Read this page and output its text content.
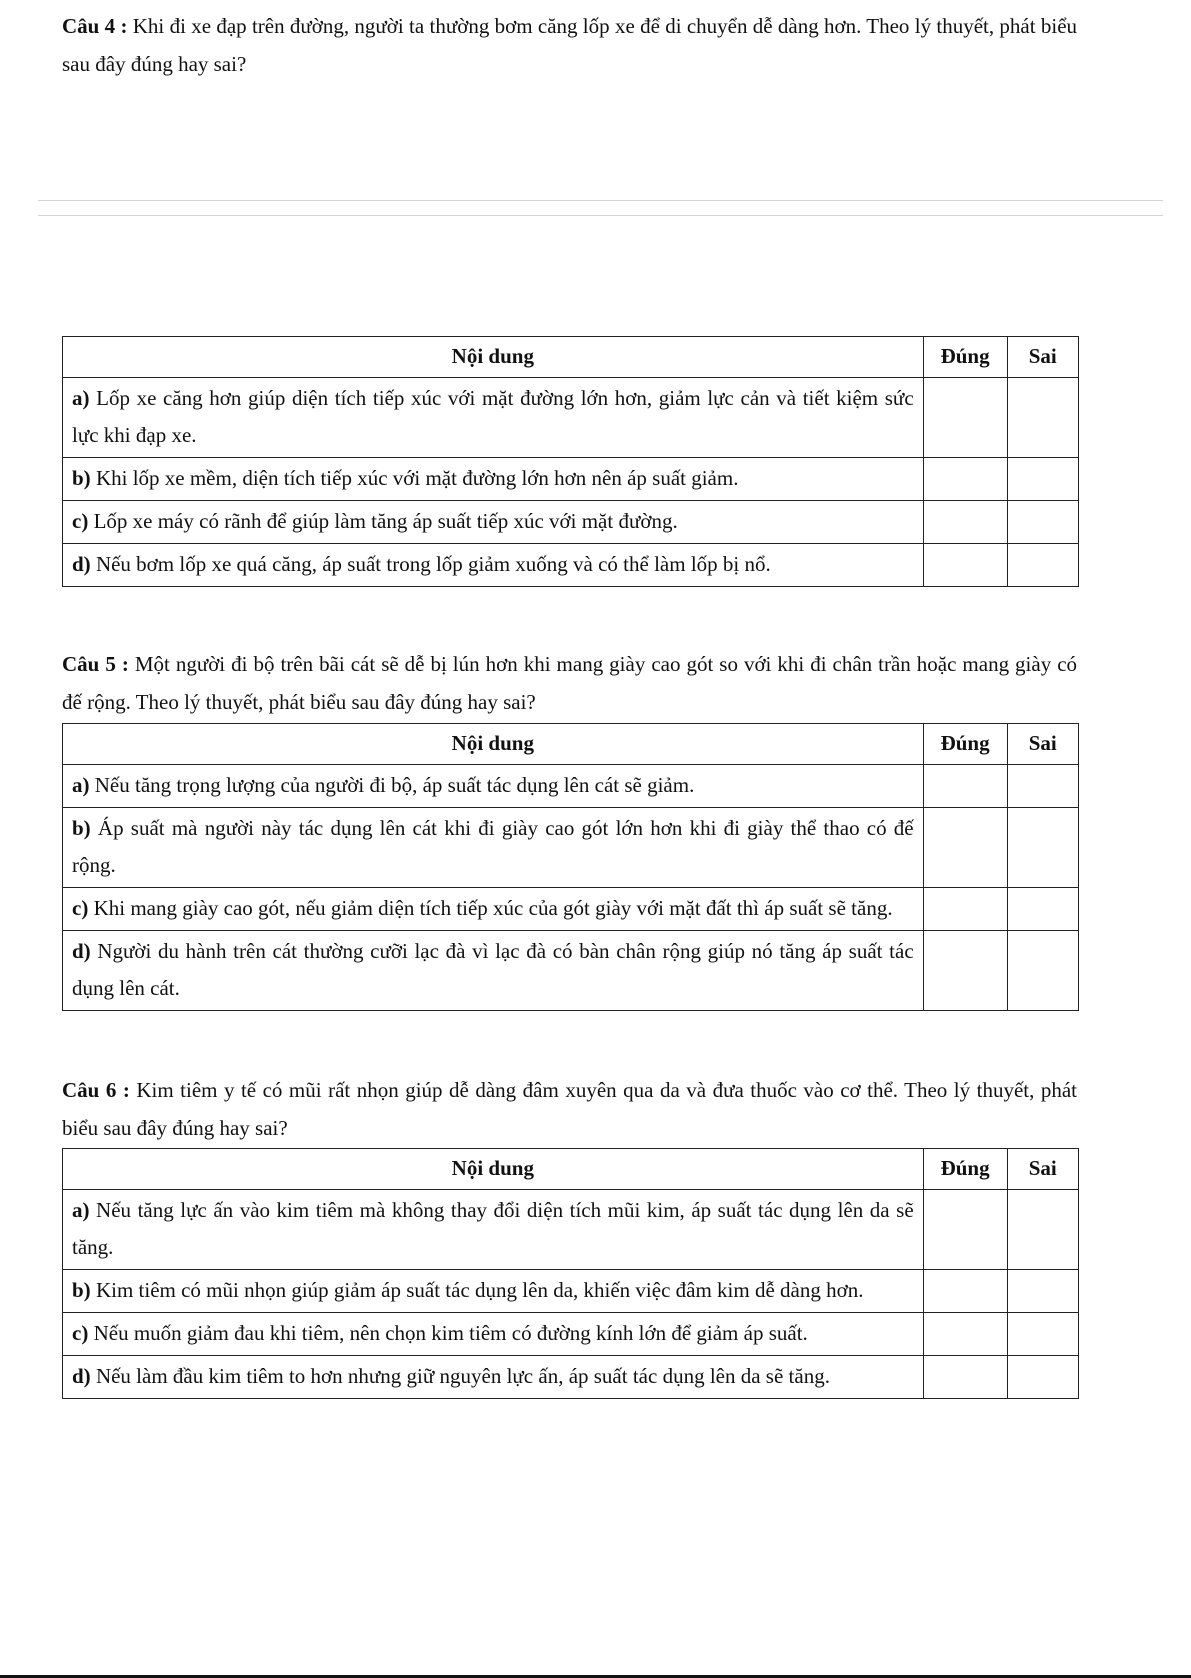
Câu 4 : Khi đi xe đạp trên đường, người ta thường bơm căng lốp xe để di chuyển dễ dàng hơn. Theo lý thuyết, phát biểu sau đây đúng hay sai?
Nội dung	Đúng	Sai
a) Lốp xe căng hơn giúp diện tích tiếp xúc với mặt đường lớn hơn, giảm lực cản và tiết kiệm sức lực khi đạp xe.		
b) Khi lốp xe mềm, diện tích tiếp xúc với mặt đường lớn hơn nên áp suất giảm.		
c) Lốp xe máy có rãnh để giúp làm tăng áp suất tiếp xúc với mặt đường.		
d) Nếu bơm lốp xe quá căng, áp suất trong lốp giảm xuống và có thể làm lốp bị nổ.		
Câu 5 : Một người đi bộ trên bãi cát sẽ dễ bị lún hơn khi mang giày cao gót so với khi đi chân trần hoặc mang giày có đế rộng. Theo lý thuyết, phát biểu sau đây đúng hay sai?
Nội dung	Đúng	Sai
a) Nếu tăng trọng lượng của người đi bộ, áp suất tác dụng lên cát sẽ giảm.		
b) Áp suất mà người này tác dụng lên cát khi đi giày cao gót lớn hơn khi đi giày thể thao có đế rộng.		
c) Khi mang giày cao gót, nếu giảm diện tích tiếp xúc của gót giày với mặt đất thì áp suất sẽ tăng.		
d) Người du hành trên cát thường cưỡi lạc đà vì lạc đà có bàn chân rộng giúp nó tăng áp suất tác dụng lên cát.		
Câu 6 : Kim tiêm y tế có mũi rất nhọn giúp dễ dàng đâm xuyên qua da và đưa thuốc vào cơ thể. Theo lý thuyết, phát biểu sau đây đúng hay sai?
Nội dung	Đúng	Sai
a) Nếu tăng lực ấn vào kim tiêm mà không thay đổi diện tích mũi kim, áp suất tác dụng lên da sẽ tăng.		
b) Kim tiêm có mũi nhọn giúp giảm áp suất tác dụng lên da, khiến việc đâm kim dễ dàng hơn.		
c) Nếu muốn giảm đau khi tiêm, nên chọn kim tiêm có đường kính lớn để giảm áp suất.		
d) Nếu làm đầu kim tiêm to hơn nhưng giữ nguyên lực ấn, áp suất tác dụng lên da sẽ tăng.		
